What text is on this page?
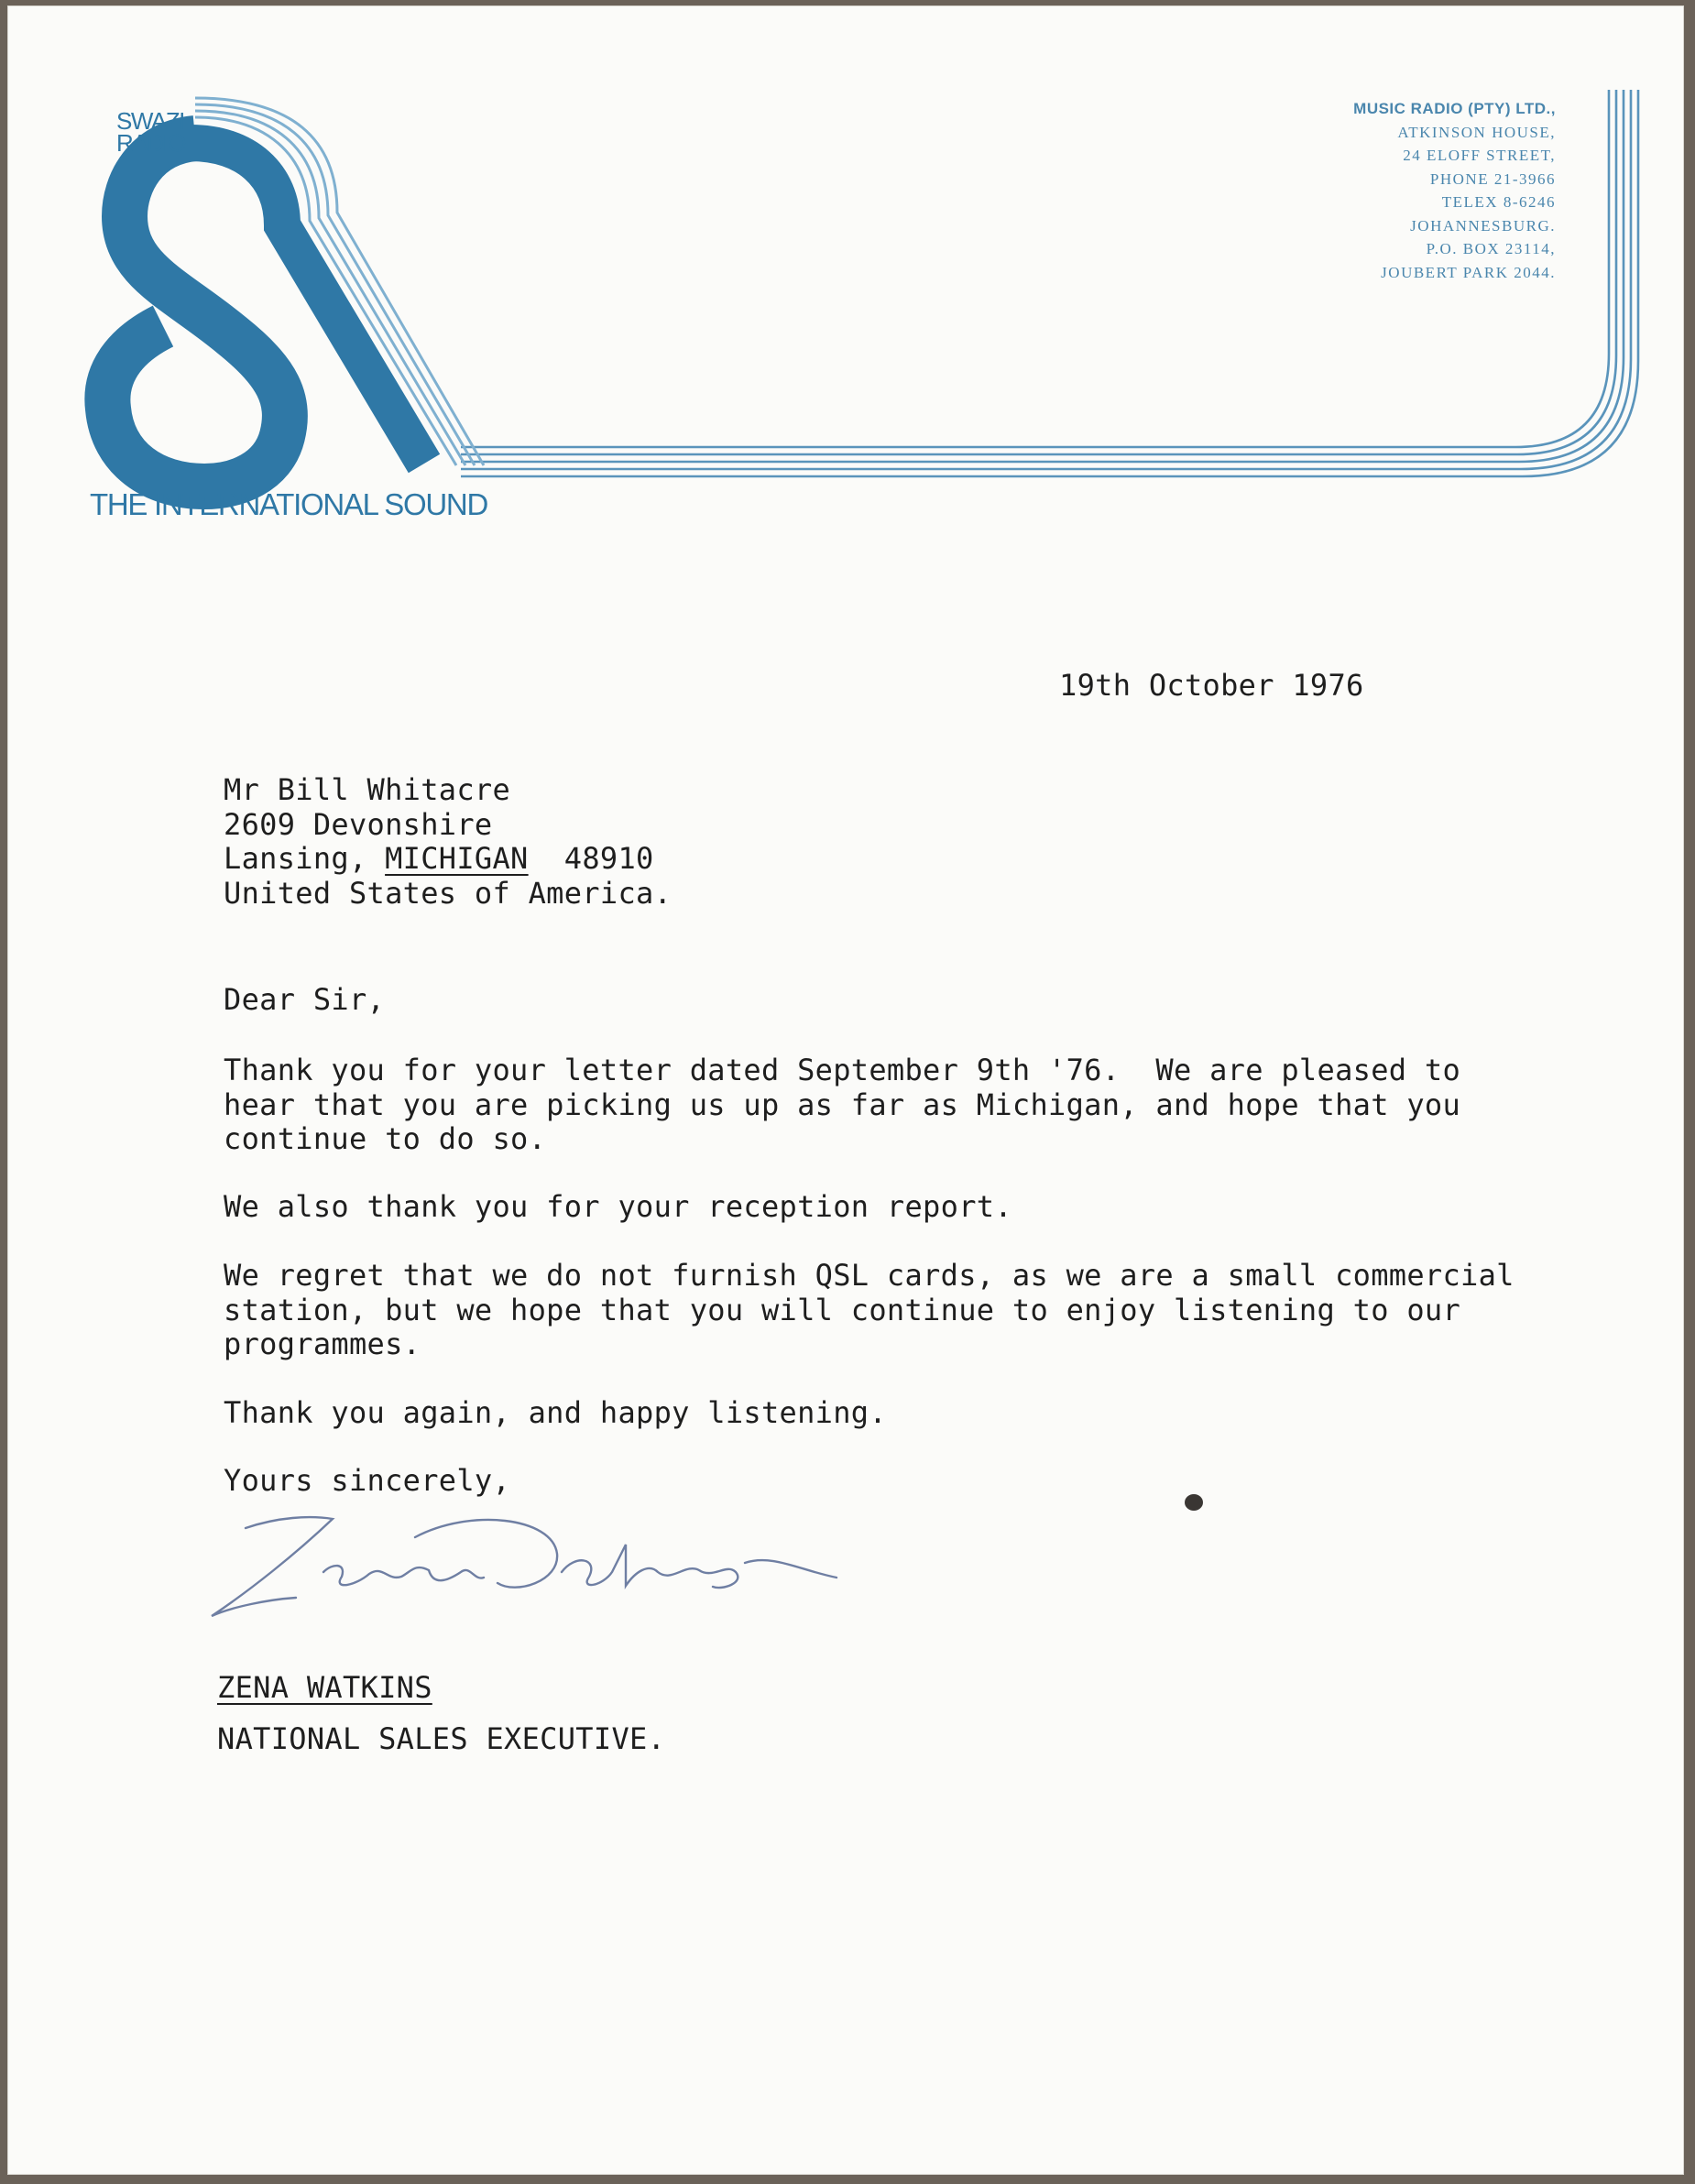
SWAZI
RADIO
THE INTERNATIONAL SOUND
MUSIC RADIO (PTY) LTD.,
ATKINSON HOUSE,
24 ELOFF STREET,
PHONE 21-3966
TELEX 8-6246
JOHANNESBURG.
P.O. BOX 23114,
JOUBERT PARK 2044.
19th October 1976
Mr Bill Whitacre
2609 Devonshire
Lansing, MICHIGAN  48910
United States of America.
Dear Sir,
Thank you for your letter dated September 9th '76.  We are pleased to
hear that you are picking us up as far as Michigan, and hope that you
continue to do so.
We also thank you for your reception report.
We regret that we do not furnish QSL cards, as we are a small commercial
station, but we hope that you will continue to enjoy listening to our
programmes.
Thank you again, and happy listening.
Yours sincerely,
ZENA WATKINS
NATIONAL SALES EXECUTIVE.
